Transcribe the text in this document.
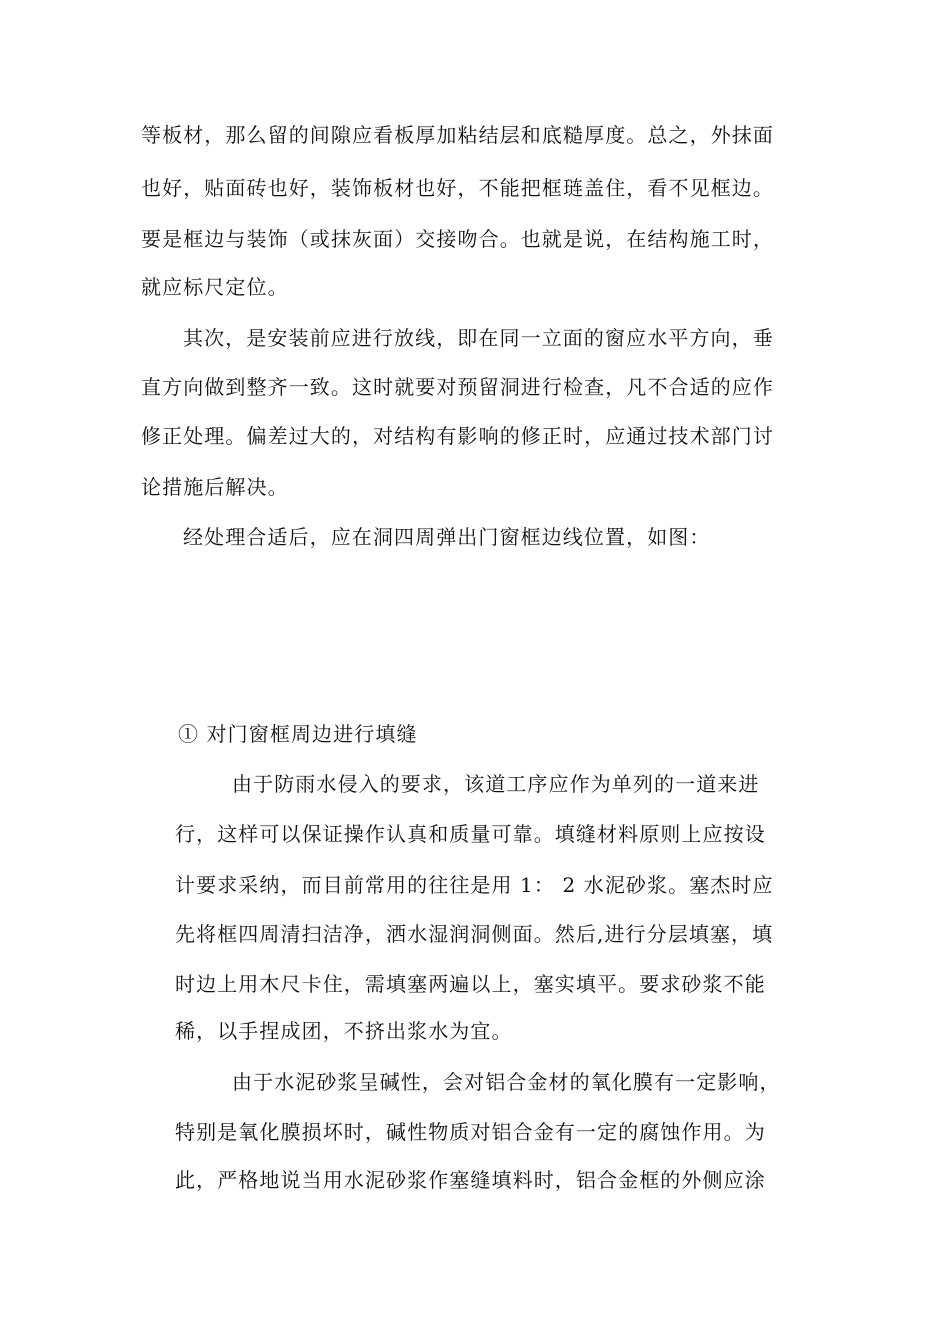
等板材，那么留的间隙应看板厚加粘结层和底糙厚度。总之，外抹面
也好，贴面砖也好，装饰板材也好，不能把框琏盖住，看不见框边。
要是框边与装饰（或抹灰面）交接吻合。也就是说，在结构施工时，
就应标尺定位。
其次，是安装前应进行放线，即在同一立面的窗应水平方向，垂
直方向做到整齐一致。这时就要对预留洞进行检查，凡不合适的应作
修正处理。偏差过大的，对结构有影响的修正时，应通过技术部门讨
论措施后解决。
经处理合适后，应在洞四周弹出门窗框边线位置，如图：
① 对门窗框周边进行填缝
由于防雨水侵入的要求，该道工序应作为单列的一道来进
行，这样可以保证操作认真和质量可靠。填缝材料原则上应按设
计要求采纳，而目前常用的往往是用 1： 2 水泥砂浆。塞杰时应
先将框四周清扫洁净，洒水湿润洞侧面。然后,进行分层填塞，填
时边上用木尺卡住，需填塞两遍以上，塞实填平。要求砂浆不能
稀，以手捏成团，不挤出浆水为宜。
由于水泥砂浆呈碱性，会对铝合金材的氧化膜有一定影响，
特别是氧化膜损坏时，碱性物质对铝合金有一定的腐蚀作用。为
此，严格地说当用水泥砂浆作塞缝填料时，铝合金框的外侧应涂
